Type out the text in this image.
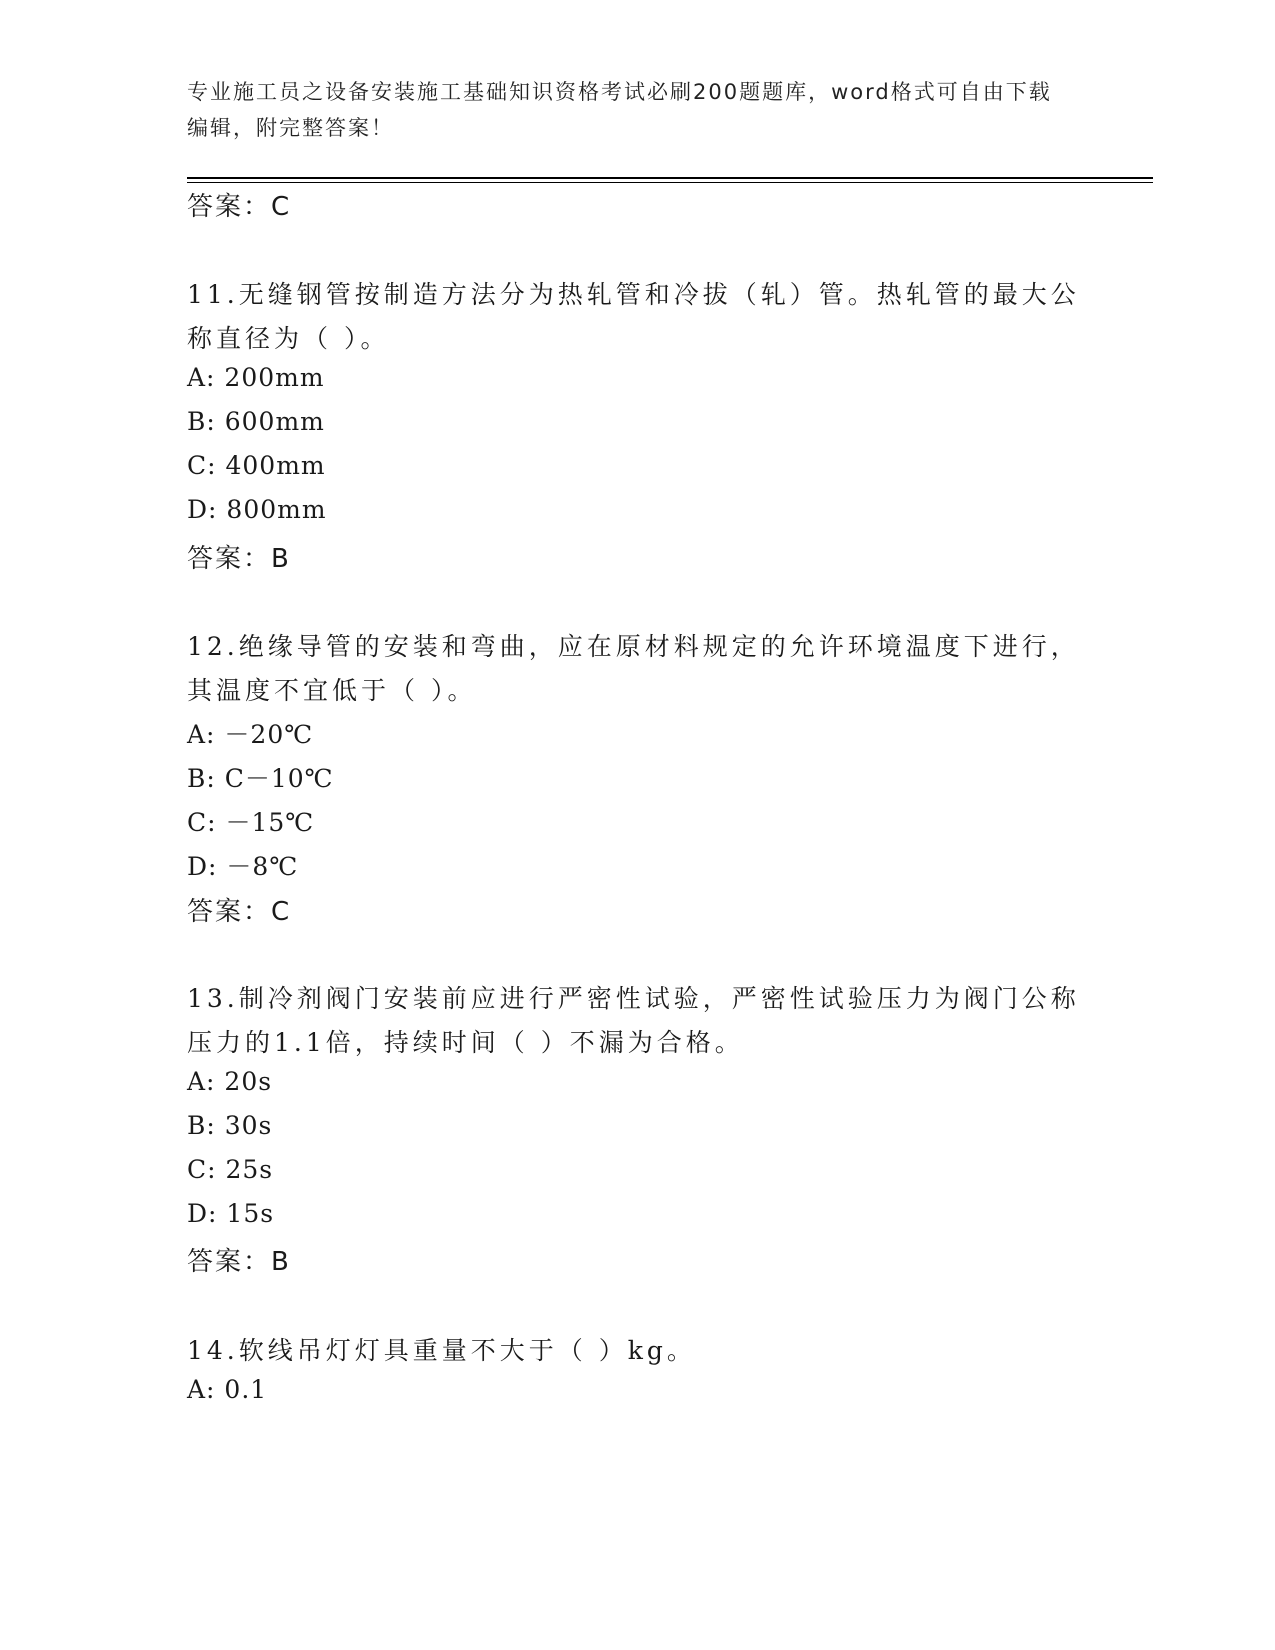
专业施工员之设备安装施工基础知识资格考试必刷200题题库，word格式可自由下载编辑，附完整答案！
答案：C
11.无缝钢管按制造方法分为热轧管和冷拔（轧）管。热轧管的最大公
称直径为（ ）。
A: 200mm
B: 600mm
C: 400mm
D: 800mm
答案：B
12.绝缘导管的安装和弯曲，应在原材料规定的允许环境温度下进行，
其温度不宜低于（ ）。
A: －20℃
B: C－10℃
C: －15℃
D: －8℃
答案：C
13.制冷剂阀门安装前应进行严密性试验，严密性试验压力为阀门公称
压力的1.1倍，持续时间（ ）不漏为合格。
A: 20s
B: 30s
C: 25s
D: 15s
答案：B
14.软线吊灯灯具重量不大于（ ）kg。
A: 0.1
